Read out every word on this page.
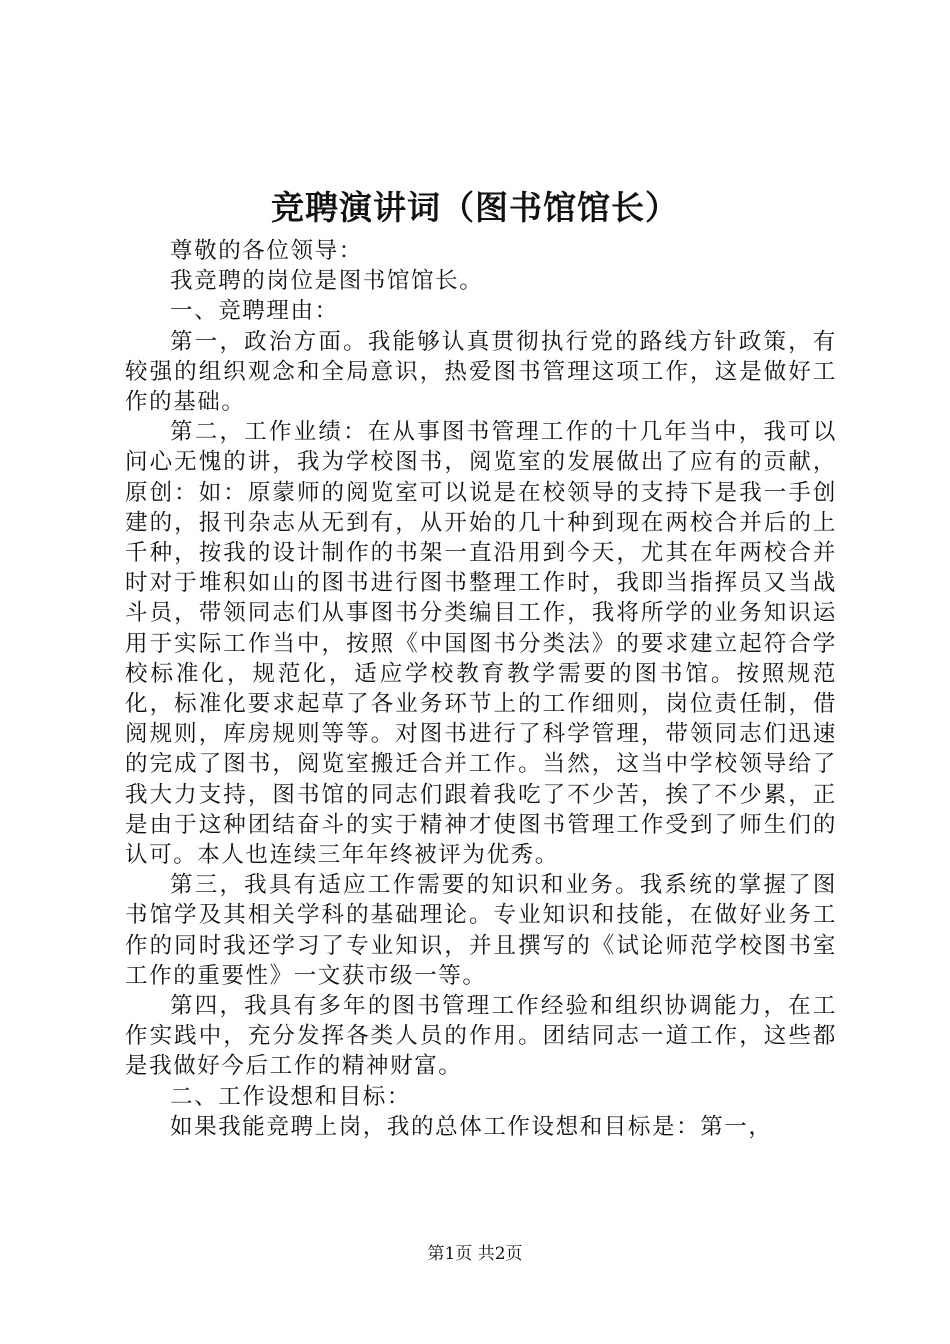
竞聘演讲词（图书馆馆长）

尊敬的各位领导：

我竞聘的岗位是图书馆馆长。

一、竞聘理由：

第一，政治方面。我能够认真贯彻执行党的路线方针政策，有较强的组织观念和全局意识，热爱图书管理这项工作，这是做好工作的基础。

第二，工作业绩：在从事图书管理工作的十几年当中，我可以问心无愧的讲，我为学校图书，阅览室的发展做出了应有的贡献，原创：如：原蒙师的阅览室可以说是在校领导的支持下是我一手创建的，报刊杂志从无到有，从开始的几十种到现在两校合并后的上千种，按我的设计制作的书架一直沿用到今天，尤其在年两校合并时对于堆积如山的图书进行图书整理工作时，我即当指挥员又当战斗员，带领同志们从事图书分类编目工作，我将所学的业务知识运用于实际工作当中，按照《中国图书分类法》的要求建立起符合学校标准化，规范化，适应学校教育教学需要的图书馆。按照规范化，标准化要求起草了各业务环节上的工作细则，岗位责任制，借阅规则，库房规则等等。对图书进行了科学管理，带领同志们迅速的完成了图书，阅览室搬迁合并工作。当然，这当中学校领导给了我大力支持，图书馆的同志们跟着我吃了不少苦，挨了不少累，正是由于这种团结奋斗的实于精神才使图书管理工作受到了师生们的认可。本人也连续三年年终被评为优秀。

第三，我具有适应工作需要的知识和业务。我系统的掌握了图书馆学及其相关学科的基础理论。专业知识和技能，在做好业务工作的同时我还学习了专业知识，并且撰写的《试论师范学校图书室工作的重要性》一文获市级一等。

第四，我具有多年的图书管理工作经验和组织协调能力，在工作实践中，充分发挥各类人员的作用。团结同志一道工作，这些都是我做好今后工作的精神财富。

二、工作设想和目标：

如果我能竞聘上岗，我的总体工作设想和目标是：第一，

第1页 共2页
